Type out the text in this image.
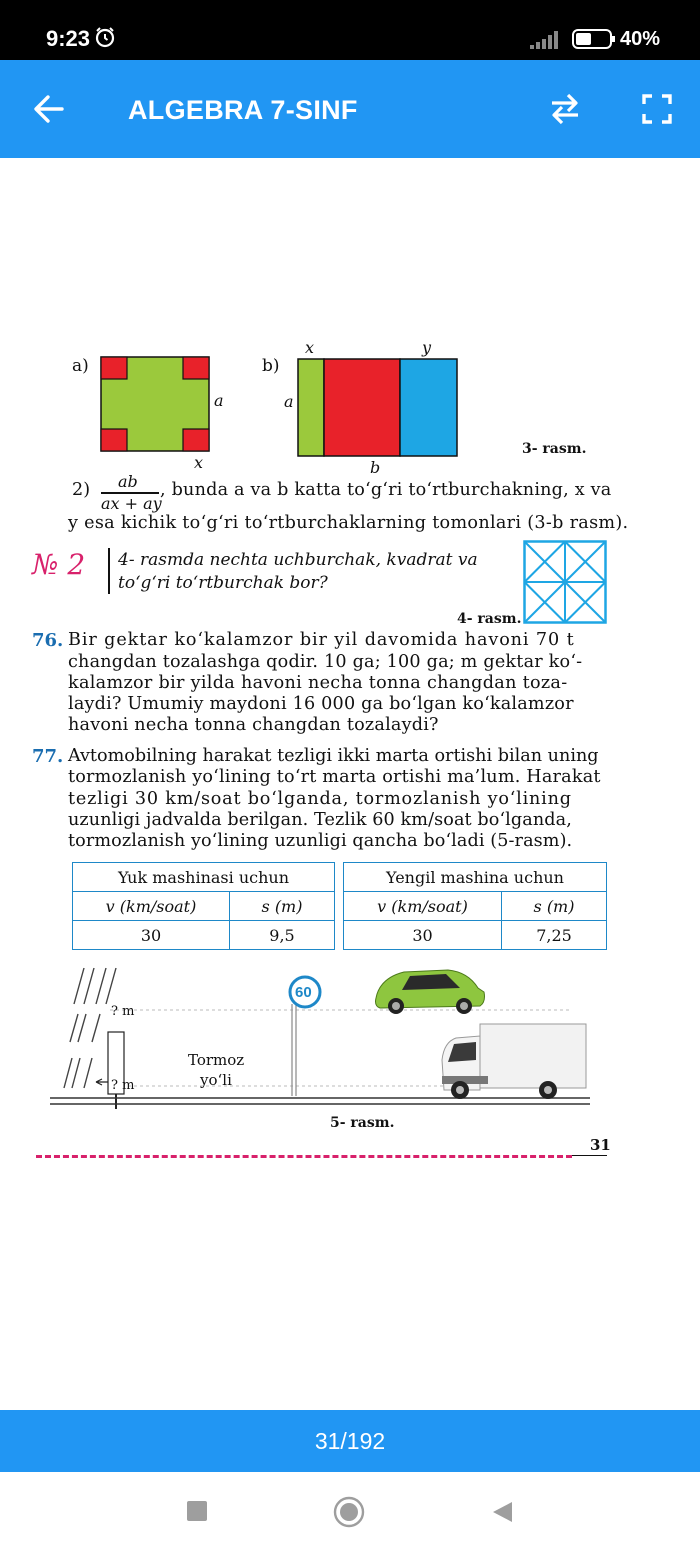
9:23	40%
ALGEBRA 7-SINF
a)
a
x
b)
x	y
a
b
3- rasm.
2) ab
ax + ay
, bunda a va b katta to‘g‘ri to‘rtburchakning, x va
y esa kichik to‘g‘ri to‘rtburchaklarning tomonlari (3-b rasm).
№ 2 4- rasmda nechta uchburchak, kvadrat va
to‘g‘ri to‘rtburchak bor?
4- rasm.
76. Bir gektar ko‘kalamzor bir yil davomida havoni 70 t
changdan tozalashga qodir. 10 ga; 100 ga; m gektar ko‘-
kalamzor bir yilda havoni necha tonna changdan toza-
laydi? Umumiy maydoni 16 000 ga bo‘lgan ko‘kalamzor
havoni necha tonna changdan tozalaydi?
77. Avtomobilning harakat tezligi ikki marta ortishi bilan uning
tormozlanish yo‘lining to‘rt marta ortishi ma’lum. Harakat
tezligi 30 km/soat bo‘lganda, tormozlanish yo‘lining
uzunligi jadvalda berilgan. Tezlik 60 km/soat bo‘lganda,
tormozlanish yo‘lining uzunligi qancha bo‘ladi (5-rasm).
Yuk mashinasi uchun	
v (km/soat)	s (m)
30	9,5
Yengil mashina uchun	
v (km/soat)	s (m)
30	7,25
60
? m
? m
Tormoz
yo‘li
5- rasm.
31
31/192
